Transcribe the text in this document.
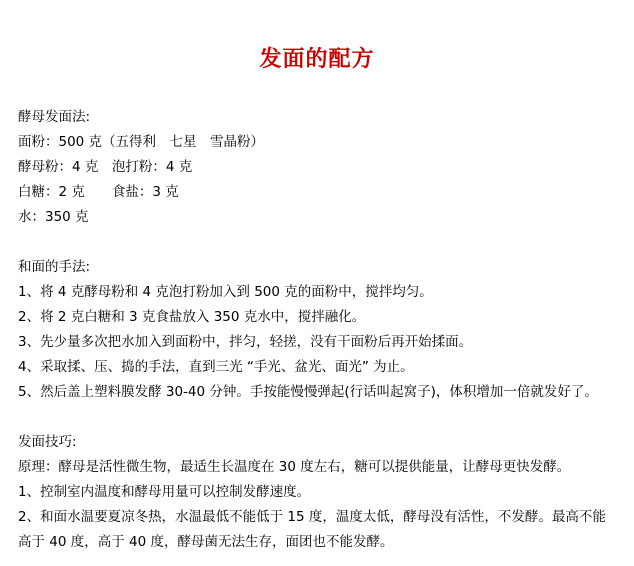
发面的配方
酵母发面法:
面粉：500 克（五得利　七星　雪晶粉）
酵母粉：4 克　泡打粉：4 克
白糖：2 克　　食盐：3 克
水：350 克
和面的手法:
1、将 4 克酵母粉和 4 克泡打粉加入到 500 克的面粉中，搅拌均匀。
2、将 2 克白糖和 3 克食盐放入 350 克水中，搅拌融化。
3、先少量多次把水加入到面粉中，拌匀，轻搓，没有干面粉后再开始揉面。
4、采取揉、压、捣的手法，直到三光 “手光、盆光、面光” 为止。
5、然后盖上塑料膜发酵 30-40 分钟。手按能慢慢弹起(行话叫起窝子)，体积增加一倍就发好了。
发面技巧:
原理：酵母是活性微生物，最适生长温度在 30 度左右，糖可以提供能量，让酵母更快发酵。
1、控制室内温度和酵母用量可以控制发酵速度。
2、和面水温要夏凉冬热，水温最低不能低于 15 度，温度太低，酵母没有活性，不发酵。最高不能高于 40 度，高于 40 度，酵母菌无法生存，面团也不能发酵。
